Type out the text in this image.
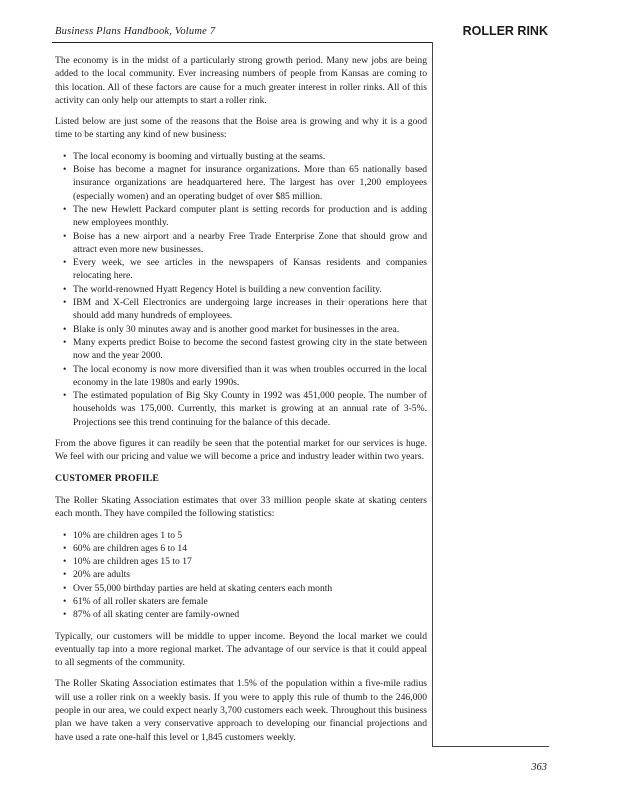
Business Plans Handbook, Volume 7	ROLLER RINK

The economy is in the midst of a particularly strong growth period. Many new jobs are being added to the local community. Ever increasing numbers of people from Kansas are coming to this location. All of these factors are cause for a much greater interest in roller rinks. All of this activity can only help our attempts to start a roller rink.

Listed below are just some of the reasons that the Boise area is growing and why it is a good time to be starting any kind of new business:

• The local economy is booming and virtually busting at the seams.
• Boise has become a magnet for insurance organizations. More than 65 nationally based insurance organizations are headquartered here. The largest has over 1,200 employees (especially women) and an operating budget of over $85 million.
• The new Hewlett Packard computer plant is setting records for production and is adding new employees monthly.
• Boise has a new airport and a nearby Free Trade Enterprise Zone that should grow and attract even more new businesses.
• Every week, we see articles in the newspapers of Kansas residents and companies relocating here.
• The world-renowned Hyatt Regency Hotel is building a new convention facility.
• IBM and X-Cell Electronics are undergoing large increases in their operations here that should add many hundreds of employees.
• Blake is only 30 minutes away and is another good market for businesses in the area.
• Many experts predict Boise to become the second fastest growing city in the state between now and the year 2000.
• The local economy is now more diversified than it was when troubles occurred in the local economy in the late 1980s and early 1990s.
• The estimated population of Big Sky County in 1992 was 451,000 people. The number of households was 175,000. Currently, this market is growing at an annual rate of 3-5%. Projections see this trend continuing for the balance of this decade.

From the above figures it can readily be seen that the potential market for our services is huge. We feel with our pricing and value we will become a price and industry leader within two years.

CUSTOMER PROFILE

The Roller Skating Association estimates that over 33 million people skate at skating centers each month. They have compiled the following statistics:

• 10% are children ages 1 to 5
• 60% are children ages 6 to 14
• 10% are children ages 15 to 17
• 20% are adults
• Over 55,000 birthday parties are held at skating centers each month
• 61% of all roller skaters are female
• 87% of all skating center are family-owned

Typically, our customers will be middle to upper income. Beyond the local market we could eventually tap into a more regional market. The advantage of our service is that it could appeal to all segments of the community.

The Roller Skating Association estimates that 1.5% of the population within a five-mile radius will use a roller rink on a weekly basis. If you were to apply this rule of thumb to the 246,000 people in our area, we could expect nearly 3,700 customers each week. Throughout this business plan we have taken a very conservative approach to developing our financial projections and have used a rate one-half this level or 1,845 customers weekly.

363
